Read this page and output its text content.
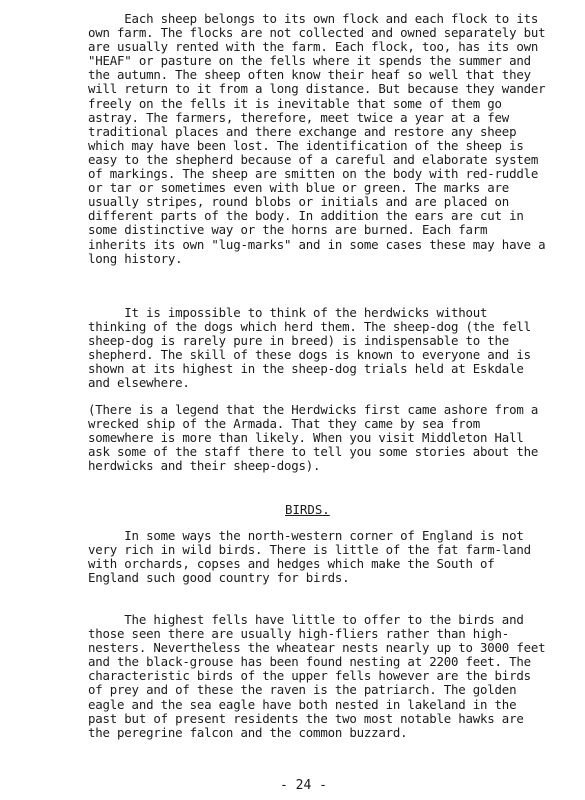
Each sheep belongs to its own flock and each flock to its own farm. The flocks are not collected and owned separately but are usually rented with the farm. Each flock, too, has its own "HEAF" or pasture on the fells where it spends the summer and the autumn. The sheep often know their heaf so well that they will return to it from a long distance. But because they wander freely on the fells it is inevitable that some of them go astray. The farmers, therefore, meet twice a year at a few traditional places and there exchange and restore any sheep which may have been lost. The identification of the sheep is easy to the shepherd because of a careful and elaborate system of markings. The sheep are smitten on the body with red-ruddle or tar or sometimes even with blue or green. The marks are usually stripes, round blobs or initials and are placed on different parts of the body. In addition the ears are cut in some distinctive way or the horns are burned. Each farm inherits its own "lug-marks" and in some cases these may have a long history.

It is impossible to think of the herdwicks without thinking of the dogs which herd them. The sheep-dog (the fell sheep-dog is rarely pure in breed) is indispensable to the shepherd. The skill of these dogs is known to everyone and is shown at its highest in the sheep-dog trials held at Eskdale and elsewhere.

(There is a legend that the Herdwicks first came ashore from a wrecked ship of the Armada. That they came by sea from somewhere is more than likely. When you visit Middleton Hall ask some of the staff there to tell you some stories about the herdwicks and their sheep-dogs).

BIRDS.

In some ways the north-western corner of England is not very rich in wild birds. There is little of the fat farm-land with orchards, copses and hedges which make the South of England such good country for birds.

The highest fells have little to offer to the birds and those seen there are usually high-fliers rather than high-nesters. Nevertheless the wheatear nests nearly up to 3000 feet and the black-grouse has been found nesting at 2200 feet. The characteristic birds of the upper fells however are the birds of prey and of these the raven is the patriarch. The golden eagle and the sea eagle have both nested in lakeland in the past but of present residents the two most notable hawks are the peregrine falcon and the common buzzard.

- 24 -
